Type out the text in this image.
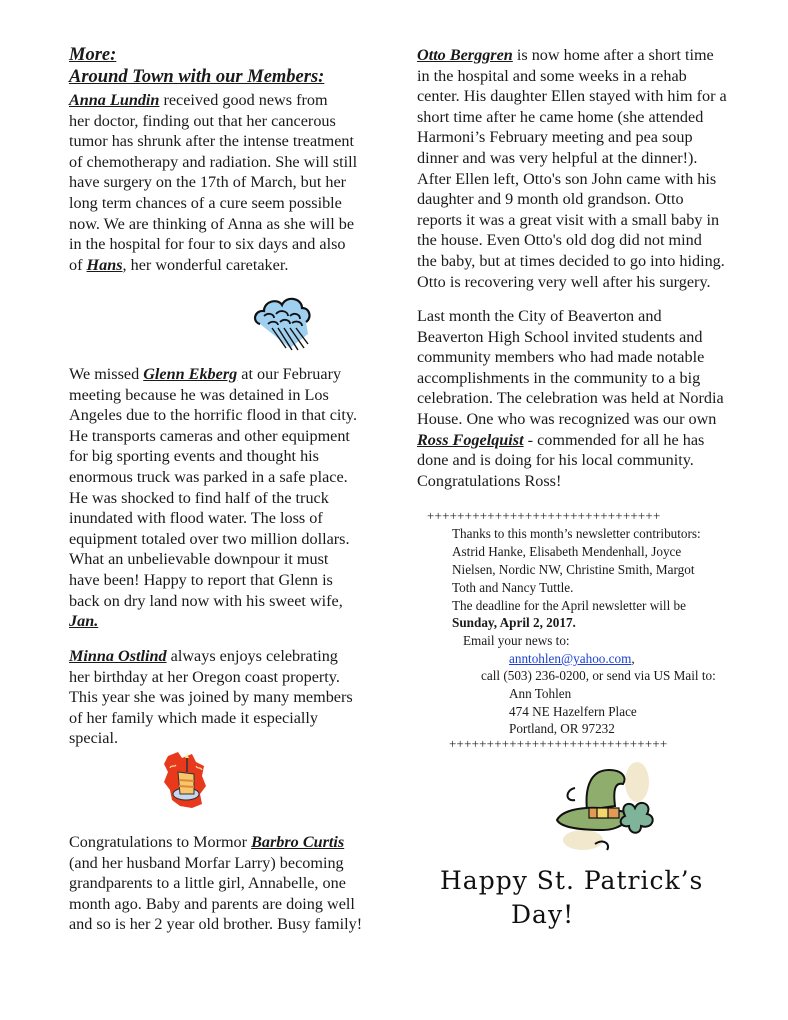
More:
Around Town with our Members:
Anna Lundin received good news from
her doctor, finding out that her cancerous
tumor has shrunk after the intense treatment
of chemotherapy and radiation. She will still
have surgery on the 17th of March, but her
long term chances of a cure seem possible
now. We are thinking of Anna as she will be
in the hospital for four to six days and also
of Hans, her wonderful caretaker.
We missed Glenn Ekberg at our February
meeting because he was detained in Los
Angeles due to the horrific flood in that city.
He transports cameras and other equipment
for big sporting events and thought his
enormous truck was parked in a safe place.
He was shocked to find half of the truck
inundated with flood water. The loss of
equipment totaled over two million dollars.
What an unbelievable downpour it must
have been! Happy to report that Glenn is
back on dry land now with his sweet wife,
Jan.
Minna Ostlind always enjoys celebrating
her birthday at her Oregon coast property.
This year she was joined by many members
of her family which made it especially
special.
Congratulations to Mormor Barbro Curtis
(and her husband Morfar Larry) becoming
grandparents to a little girl, Annabelle, one
month ago. Baby and parents are doing well
and so is her 2 year old brother. Busy family!
Otto Berggren is now home after a short time
in the hospital and some weeks in a rehab
center. His daughter Ellen stayed with him for a
short time after he came home (she attended
Harmoni’s February meeting and pea soup
dinner and was very helpful at the dinner!).
After Ellen left, Otto's son John came with his
daughter and 9 month old grandson. Otto
reports it was a great visit with a small baby in
the house. Even Otto's old dog did not mind
the baby, but at times decided to go into hiding.
Otto is recovering very well after his surgery.
Last month the City of Beaverton and
Beaverton High School invited students and
community members who had made notable
accomplishments in the community to a big
celebration. The celebration was held at Nordia
House. One who was recognized was our own
Ross Fogelquist - commended for all he has
done and is doing for his local community.
Congratulations Ross!
+++++++++++++++++++++++++++++++
Thanks to this month’s newsletter contributors:
Astrid Hanke, Elisabeth Mendenhall, Joyce
Nielsen, Nordic NW, Christine Smith, Margot
Toth and Nancy Tuttle.
The deadline for the April newsletter will be
Sunday, April 2, 2017.
Email your news to:
anntohlen@yahoo.com,
call (503) 236-0200, or send via US Mail to:
Ann Tohlen
474 NE Hazelfern Place
Portland, OR 97232
+++++++++++++++++++++++++++++
Happy St. Patrick’s
Day!
